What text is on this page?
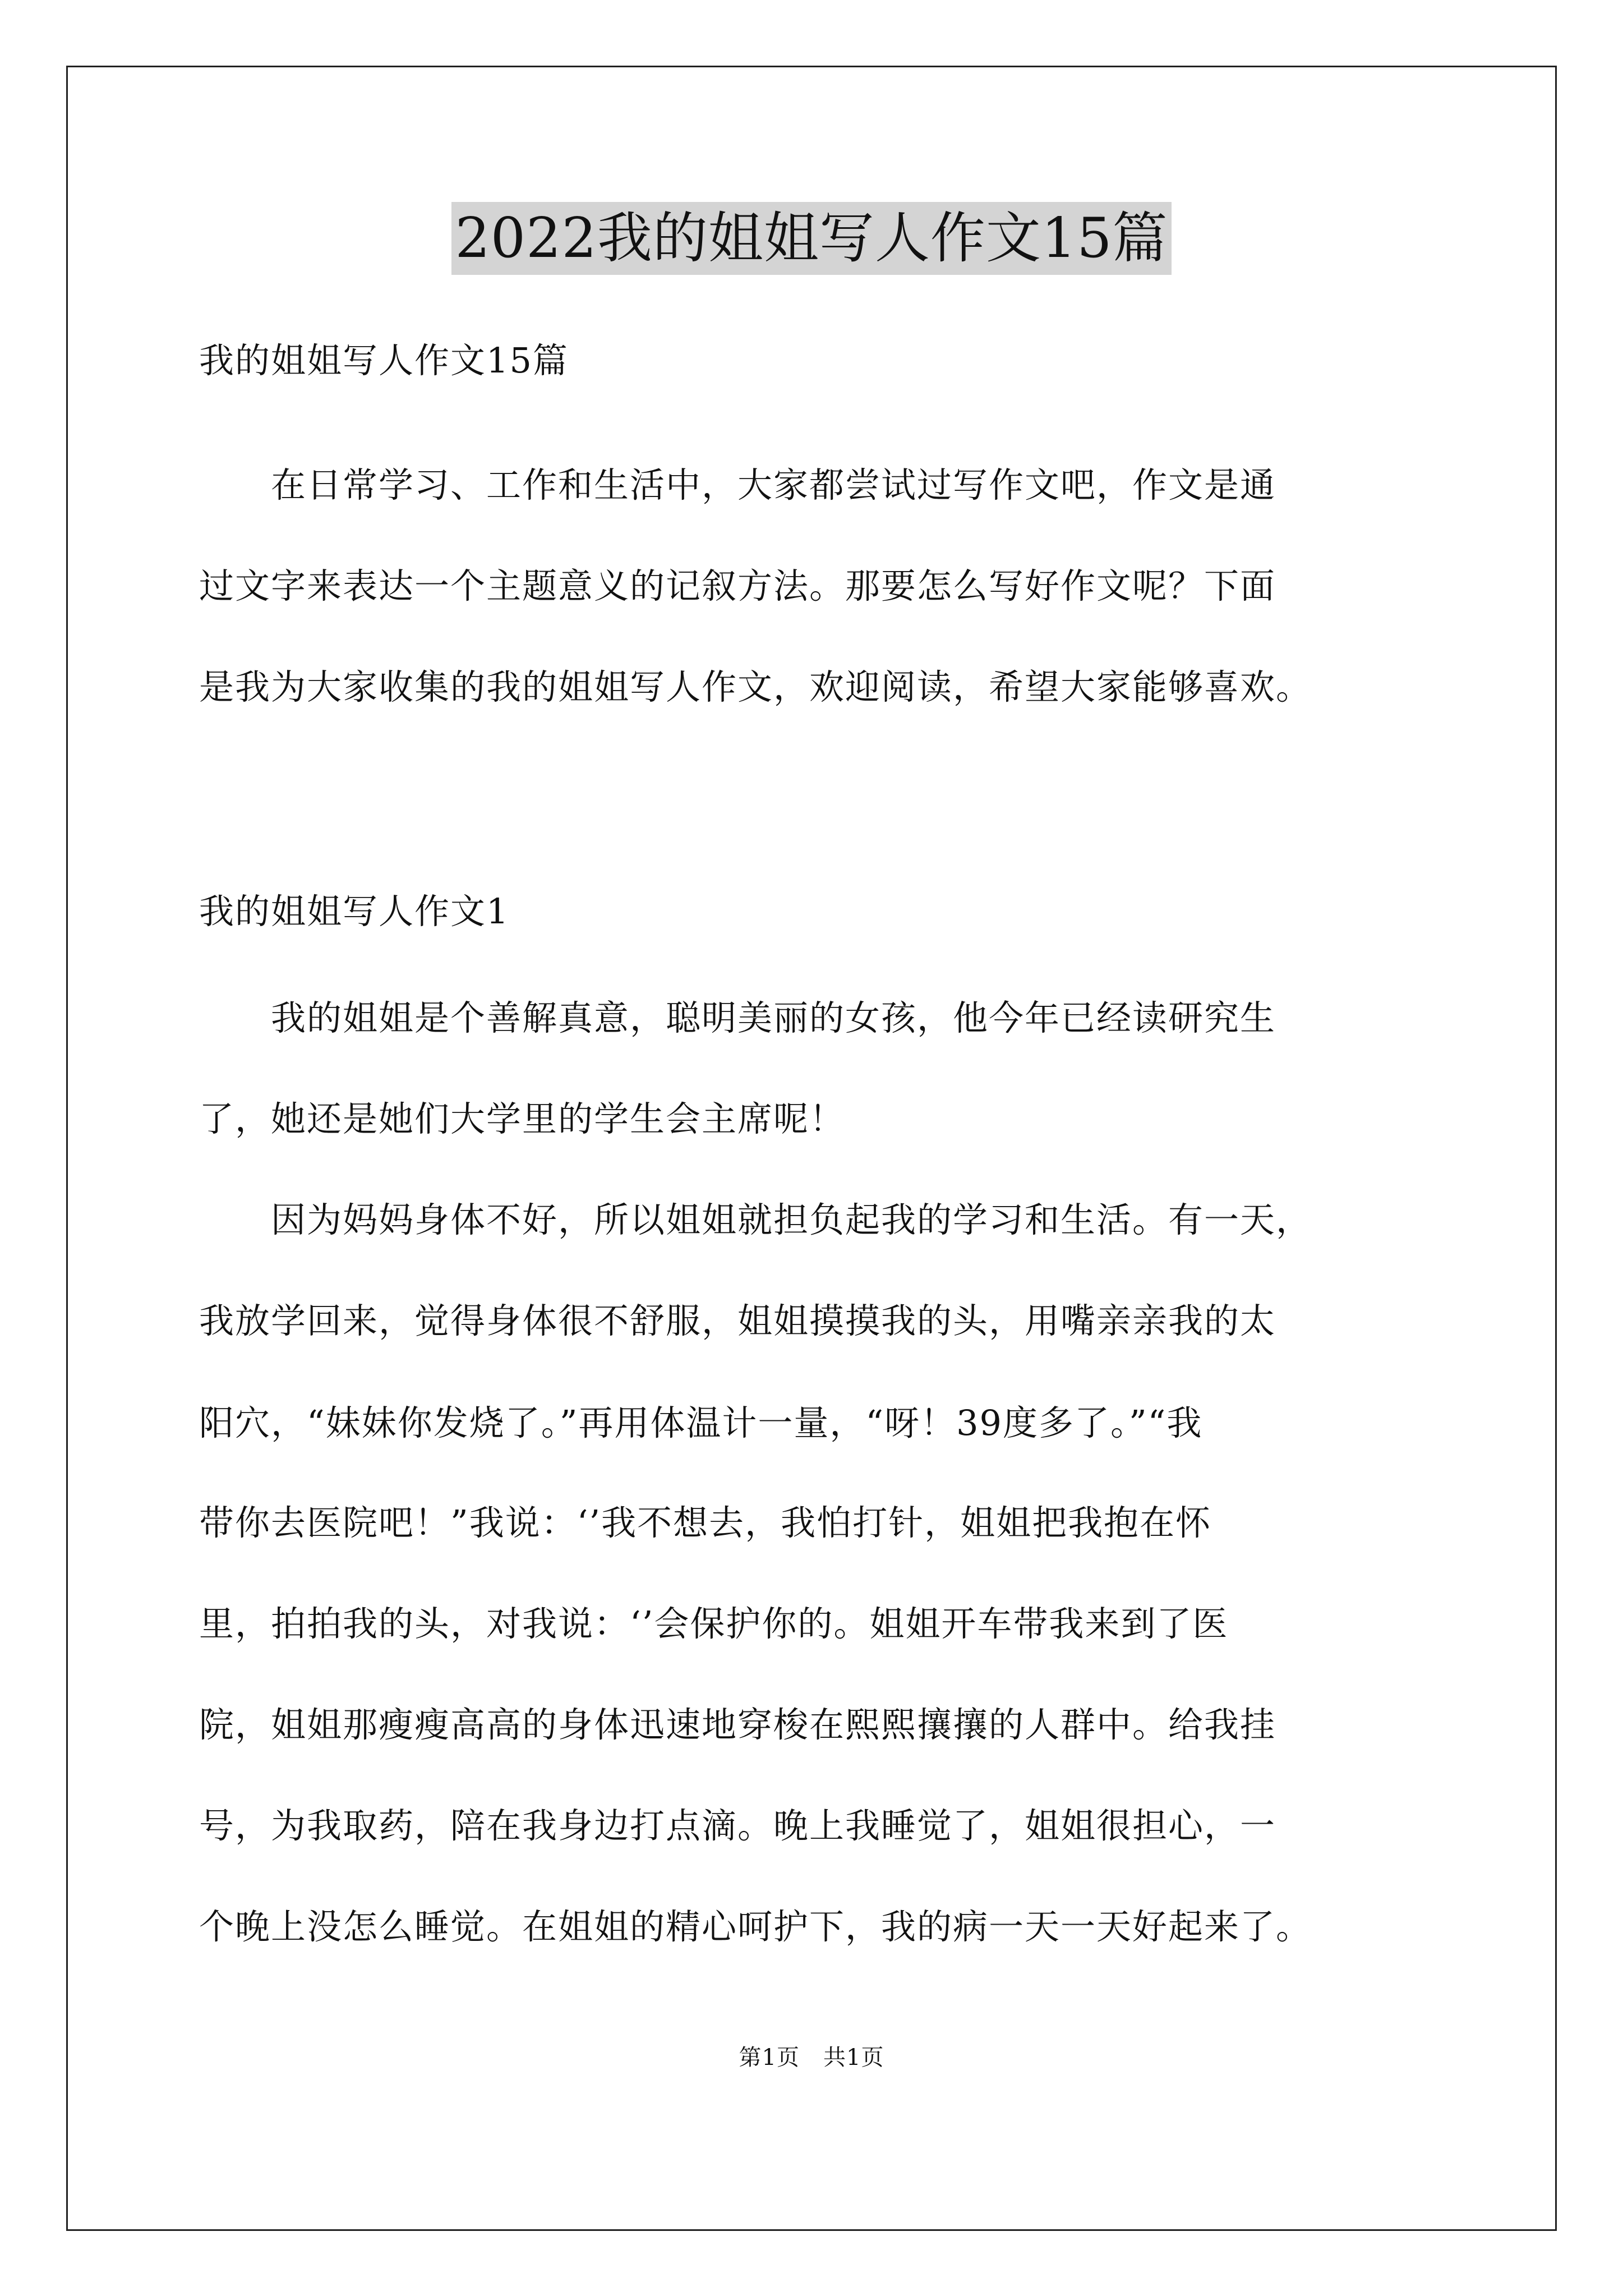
2022我的姐姐写人作文15篇
我的姐姐写人作文15篇
　　在日常学习、工作和生活中，大家都尝试过写作文吧，作文是通
过文字来表达一个主题意义的记叙方法。那要怎么写好作文呢？下面
是我为大家收集的我的姐姐写人作文，欢迎阅读，希望大家能够喜欢。
我的姐姐写人作文1
　　我的姐姐是个善解真意，聪明美丽的女孩，他今年已经读研究生
了，她还是她们大学里的学生会主席呢！
　　因为妈妈身体不好，所以姐姐就担负起我的学习和生活。有一天，
我放学回来，觉得身体很不舒服，姐姐摸摸我的头，用嘴亲亲我的太
阳穴，“妹妹你发烧了。”再用体温计一量，“呀！39度多了。”“我
带你去医院吧！”我说：‘’我不想去，我怕打针，姐姐把我抱在怀
里，拍拍我的头，对我说：‘’会保护你的。姐姐开车带我来到了医
院，姐姐那瘦瘦高高的身体迅速地穿梭在熙熙攘攘的人群中。给我挂
号，为我取药，陪在我身边打点滴。晚上我睡觉了，姐姐很担心，一
个晚上没怎么睡觉。在姐姐的精心呵护下，我的病一天一天好起来了。
第1页 共1页
